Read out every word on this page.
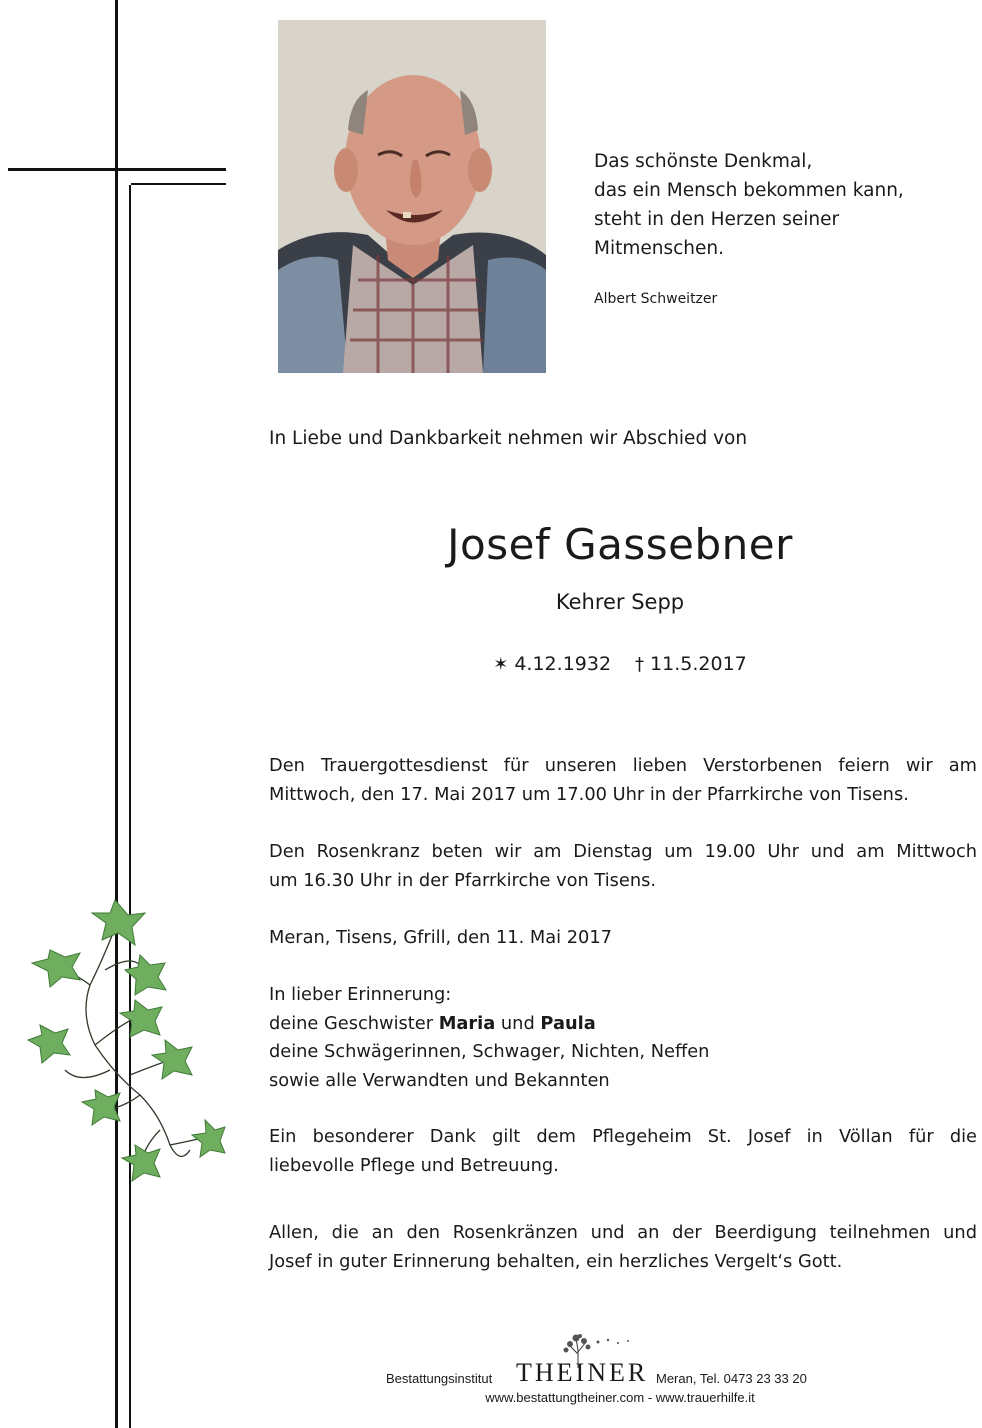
Das schönste Denkmal,
das ein Mensch bekommen kann,
steht in den Herzen seiner
Mitmenschen.
Albert Schweitzer
In Liebe und Dankbarkeit nehmen wir Abschied von
Josef Gassebner
Kehrer Sepp
✶ 4.12.1932 † 11.5.2017
Den Trauergottesdienst für unseren lieben Verstorbenen feiern wir am
Mittwoch, den 17. Mai 2017 um 17.00 Uhr in der Pfarrkirche von Tisens.
Den Rosenkranz beten wir am Dienstag um 19.00 Uhr und am Mittwoch
um 16.30 Uhr in der Pfarrkirche von Tisens.
Meran, Tisens, Gfrill, den 11. Mai 2017
In lieber Erinnerung:
deine Geschwister Maria und Paula
deine Schwägerinnen, Schwager, Nichten, Neffen
sowie alle Verwandten und Bekannten
Ein besonderer Dank gilt dem Pflegeheim St. Josef in Völlan für die
liebevolle Pflege und Betreuung.
Allen, die an den Rosenkränzen und an der Beerdigung teilnehmen und
Josef in guter Erinnerung behalten, ein herzliches Vergelt‘s Gott.
Bestattungsinstitut THEINER Meran, Tel. 0473 23 33 20
www.bestattungtheiner.com - www.trauerhilfe.it
